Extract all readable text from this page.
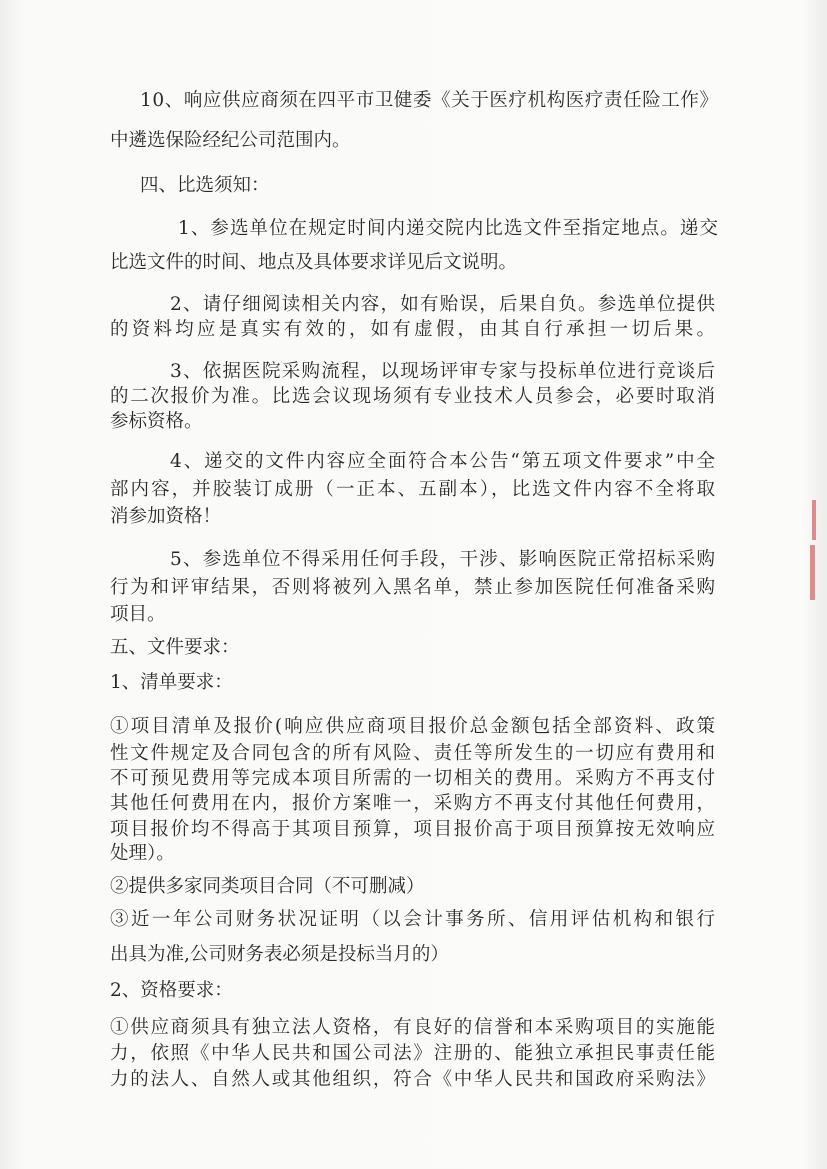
10、响应供应商须在四平市卫健委《关于医疗机构医疗责任险工作》
中遴选保险经纪公司范围内。
四、比选须知：
1、参选单位在规定时间内递交院内比选文件至指定地点。递交
比选文件的时间、地点及具体要求详见后文说明。
2、请仔细阅读相关内容，如有贻误，后果自负。参选单位提供
的资料均应是真实有效的，如有虚假，由其自行承担一切后果。
3、依据医院采购流程，以现场评审专家与投标单位进行竞谈后
的二次报价为准。比选会议现场须有专业技术人员参会，必要时取消
参标资格。
4、递交的文件内容应全面符合本公告“第五项文件要求”中全
部内容，并胶装订成册（一正本、五副本），比选文件内容不全将取
消参加资格！
5、参选单位不得采用任何手段，干涉、影响医院正常招标采购
行为和评审结果，否则将被列入黑名单，禁止参加医院任何准备采购
项目。
五、文件要求：
1、清单要求：
①项目清单及报价(响应供应商项目报价总金额包括全部资料、政策
性文件规定及合同包含的所有风险、责任等所发生的一切应有费用和
不可预见费用等完成本项目所需的一切相关的费用。采购方不再支付
其他任何费用在内，报价方案唯一，采购方不再支付其他任何费用，
项目报价均不得高于其项目预算，项目报价高于项目预算按无效响应
处理）。
②提供多家同类项目合同（不可删减）
③近一年公司财务状况证明（以会计事务所、信用评估机构和银行
出具为准,公司财务表必须是投标当月的）
2、资格要求：
①供应商须具有独立法人资格，有良好的信誉和本采购项目的实施能
力，依照《中华人民共和国公司法》注册的、能独立承担民事责任能
力的法人、自然人或其他组织，符合《中华人民共和国政府采购法》
